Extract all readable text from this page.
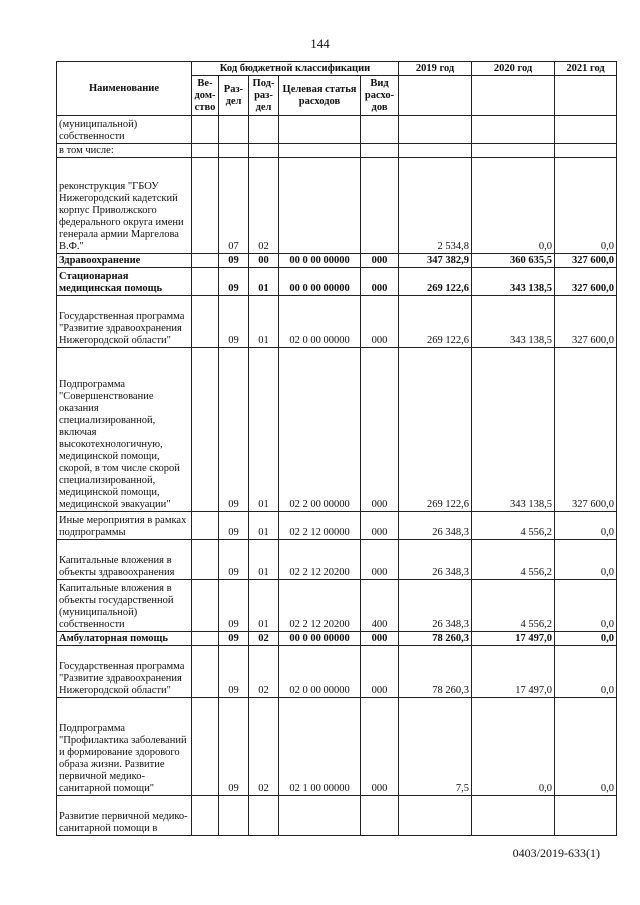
144
Наименование	Код бюджетной классификации					2019 год	2020 год	2021 год
	Ве-дом-ство	Раз-дел	Под-раз-дел	Целевая статья расходов	Вид расхо-дов			
(муниципальной) собственности								
в том числе:								
реконструкция "ГБОУ Нижегородский кадетский корпус Приволжского федерального округа имени генерала армии Маргелова В.Ф."		07	02			2 534,8	0,0	0,0
Здравоохранение		09	00	00 0 00 00000	000	347 382,9	360 635,5	327 600,0
Стационарная медицинская помощь		09	01	00 0 00 00000	000	269 122,6	343 138,5	327 600,0
Государственная программа "Развитие здравоохранения Нижегородской области"		09	01	02 0 00 00000	000	269 122,6	343 138,5	327 600,0
Подпрограмма "Совершенствование оказания специализированной, включая высокотехнологичную, медицинской помощи, скорой, в том числе скорой специализированной, медицинской помощи, медицинской эвакуации"		09	01	02 2 00 00000	000	269 122,6	343 138,5	327 600,0
Иные мероприятия в рамках подпрограммы		09	01	02 2 12 00000	000	26 348,3	4 556,2	0,0
Капитальные вложения в объекты здравоохранения		09	01	02 2 12 20200	000	26 348,3	4 556,2	0,0
Капитальные вложения в объекты государственной (муниципальной) собственности		09	01	02 2 12 20200	400	26 348,3	4 556,2	0,0
Амбулаторная помощь		09	02	00 0 00 00000	000	78 260,3	17 497,0	0,0
Государственная программа "Развитие здравоохранения Нижегородской области"		09	02	02 0 00 00000	000	78 260,3	17 497,0	0,0
Подпрограмма "Профилактика заболеваний и формирование здорового образа жизни. Развитие первичной медико-санитарной помощи"		09	02	02 1 00 00000	000	7,5	0,0	0,0
Развитие первичной медико-санитарной помощи в								
0403/2019-633(1)
